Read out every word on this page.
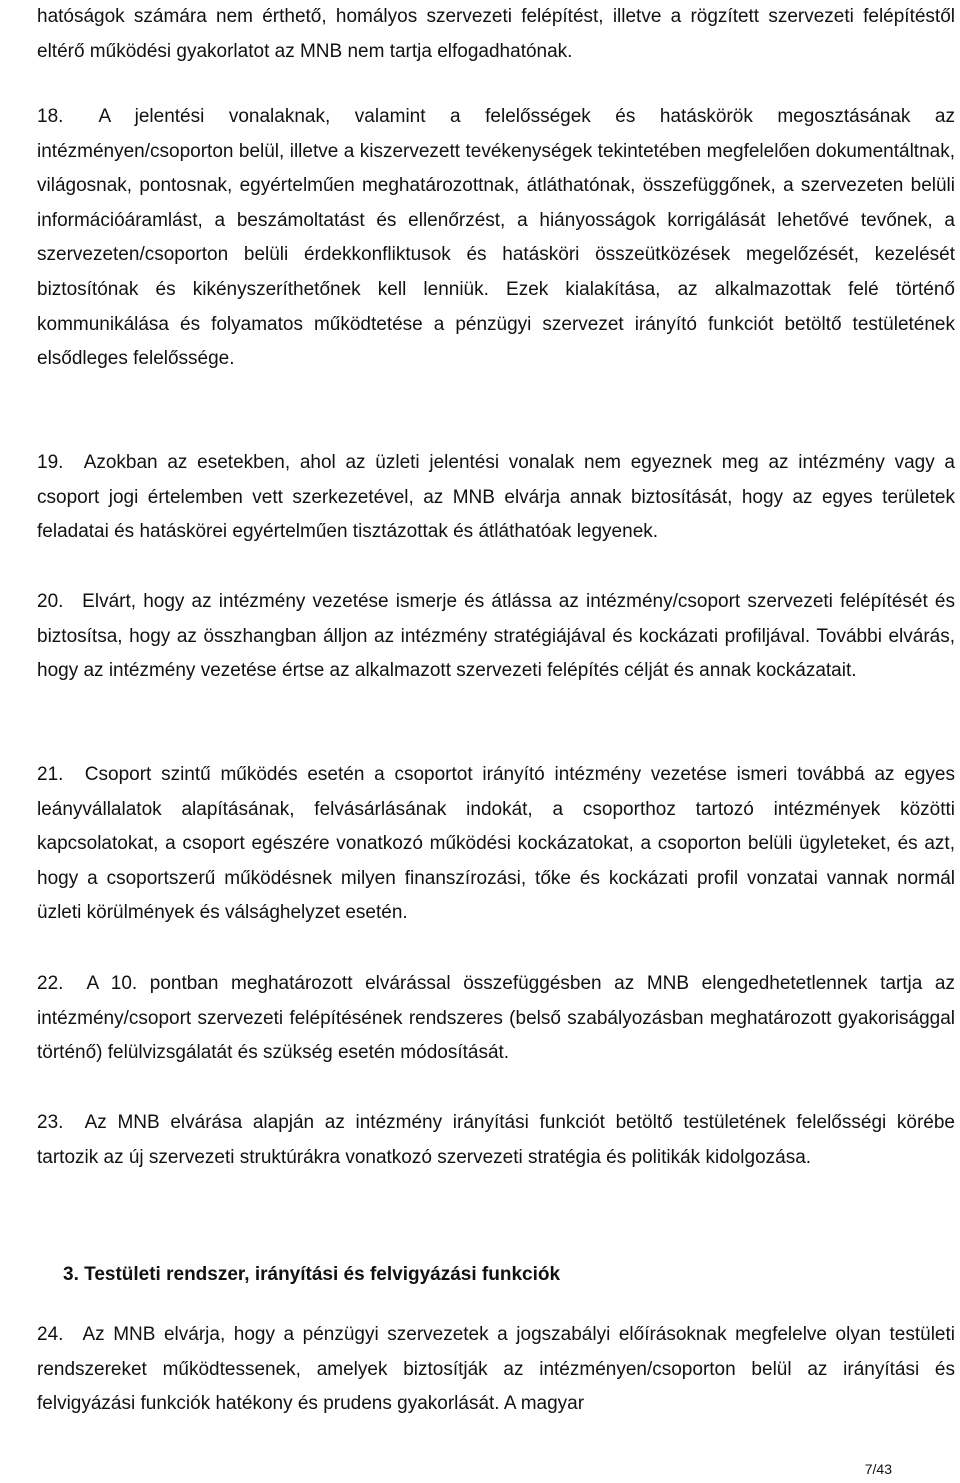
hatóságok számára nem érthető, homályos szervezeti felépítést, illetve a rögzített szervezeti felépítéstől eltérő működési gyakorlatot az MNB nem tartja elfogadhatónak.

18. A jelentési vonalaknak, valamint a felelősségek és hatáskörök megosztásának az intézményen/csoporton belül, illetve a kiszervezett tevékenységek tekintetében megfelelően dokumentáltnak, világosnak, pontosnak, egyértelműen meghatározottnak, átláthatónak, összefüggőnek, a szervezeten belüli információáramlást, a beszámoltatást és ellenőrzést, a hiányosságok korrigálását lehetővé tevőnek, a szervezeten/csoporton belüli érdekkonfliktusok és hatásköri összeütközések megelőzését, kezelését biztosítónak és kikényszeríthetőnek kell lenniük. Ezek kialakítása, az alkalmazottak felé történő kommunikálása és folyamatos működtetése a pénzügyi szervezet irányító funkciót betöltő testületének elsődleges felelőssége.

19. Azokban az esetekben, ahol az üzleti jelentési vonalak nem egyeznek meg az intézmény vagy a csoport jogi értelemben vett szerkezetével, az MNB elvárja annak biztosítását, hogy az egyes területek feladatai és hatáskörei egyértelműen tisztázottak és átláthatóak legyenek.

20. Elvárt, hogy az intézmény vezetése ismerje és átlássa az intézmény/csoport szervezeti felépítését és biztosítsa, hogy az összhangban álljon az intézmény stratégiájával és kockázati profiljával. További elvárás, hogy az intézmény vezetése értse az alkalmazott szervezeti felépítés célját és annak kockázatait.

21. Csoport szintű működés esetén a csoportot irányító intézmény vezetése ismeri továbbá az egyes leányvállalatok alapításának, felvásárlásának indokát, a csoporthoz tartozó intézmények közötti kapcsolatokat, a csoport egészére vonatkozó működési kockázatokat, a csoporton belüli ügyleteket, és azt, hogy a csoportszerű működésnek milyen finanszírozási, tőke és kockázati profil vonzatai vannak normál üzleti körülmények és válsághelyzet esetén.

22. A 10. pontban meghatározott elvárással összefüggésben az MNB elengedhetetlennek tartja az intézmény/csoport szervezeti felépítésének rendszeres (belső szabályozásban meghatározott gyakorisággal történő) felülvizsgálatát és szükség esetén módosítását.

23. Az MNB elvárása alapján az intézmény irányítási funkciót betöltő testületének felelősségi körébe tartozik az új szervezeti struktúrákra vonatkozó szervezeti stratégia és politikák kidolgozása.

3. Testületi rendszer, irányítási és felvigyázási funkciók

24. Az MNB elvárja, hogy a pénzügyi szervezetek a jogszabályi előírásoknak megfelelve olyan testületi rendszereket működtessenek, amelyek biztosítják az intézményen/csoporton belül az irányítási és felvigyázási funkciók hatékony és prudens gyakorlását. A magyar

7/43
